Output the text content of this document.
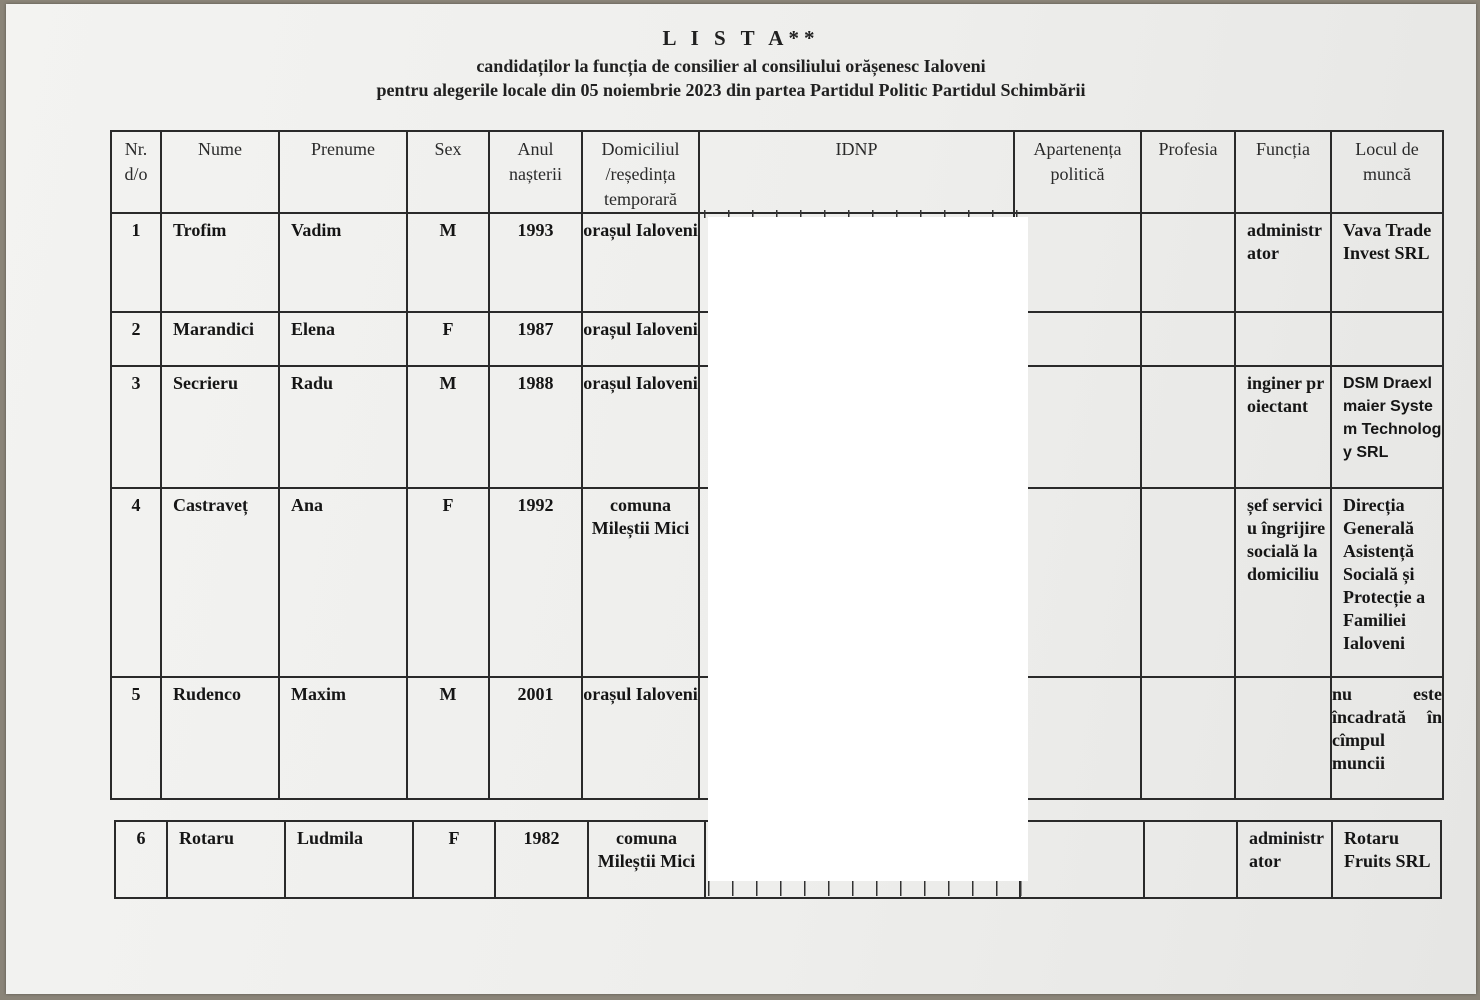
L I S T A**
candidaților la funcția de consilier al consiliului orășenesc Ialoveni
pentru alegerile locale din 05 noiembrie 2023 din partea Partidul Politic Partidul Schimbării
Nr. d/o	Nume	Prenume	Sex	Anul nașterii	Domiciliul /reședința temporară	IDNP	Apartenența politică	Profesia	Funcția	Locul de muncă
1	Trofim	Vadim	M	1993	orașul Ialoveni				administrator	Vava Trade Invest SRL
2	Marandici	Elena	F	1987	orașul Ialoveni					
3	Secrieru	Radu	M	1988	orașul Ialoveni				inginer proiectant	DSM Draexlmaier System Technology SRL
4	Castraveț	Ana	F	1992	comuna Mileștii Mici				șef serviciu îngrijire socială la domiciliu	Direcția Generală Asistență Socială și Protecție a Familiei Ialoveni
5	Rudenco	Maxim	M	2001	orașul Ialoveni					nu este încadrată în cîmpul muncii
6	Rotaru	Ludmila	F	1982	comuna Mileștii Mici				administrator	Rotaru Fruits SRL
